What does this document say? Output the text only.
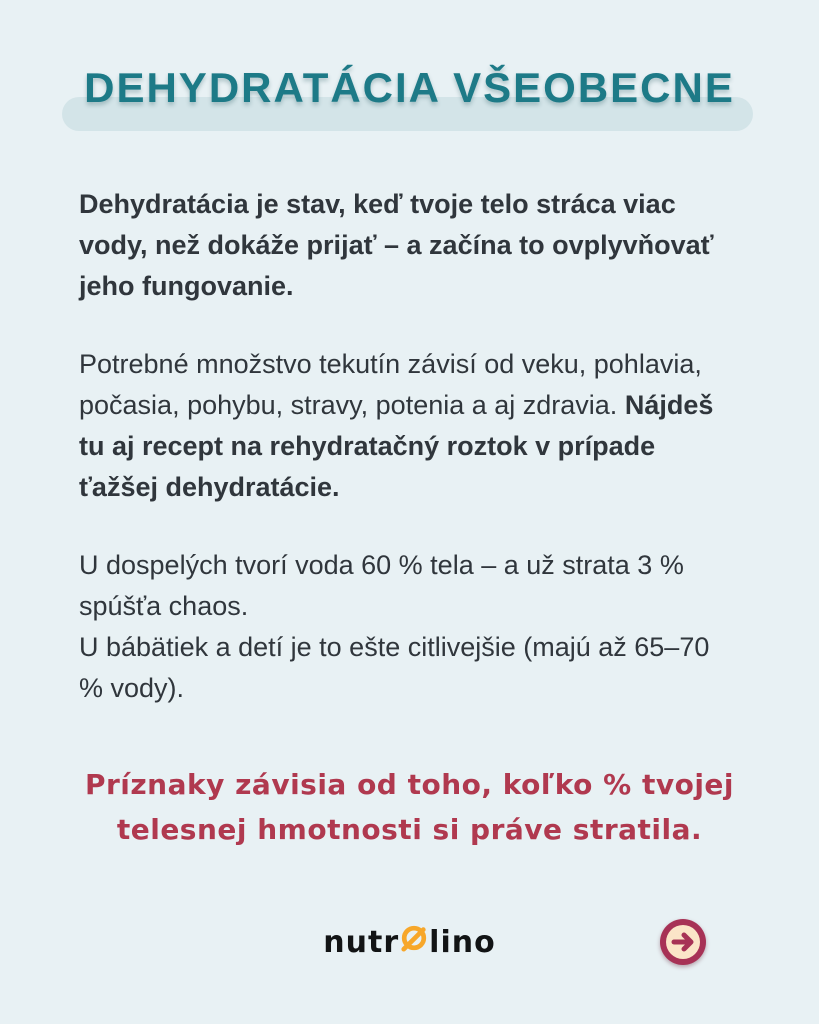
DEHYDRATÁCIA VŠEOBECNE

Dehydratácia je stav, keď tvoje telo stráca viac vody, než dokáže prijať – a začína to ovplyvňovať jeho fungovanie.

Potrebné množstvo tekutín závisí od veku, pohlavia, počasia, pohybu, stravy, potenia a aj zdravia. Nájdeš tu aj recept na rehydratačný roztok v prípade ťažšej dehydratácie.

U dospelých tvorí voda 60 % tela – a už strata 3 % spúšťa chaos.
U bábätiek a detí je to ešte citlivejšie (majú až 65–70 % vody).

Príznaky závisia od toho, koľko % tvojej telesnej hmotnosti si práve stratila.

nutr lino
